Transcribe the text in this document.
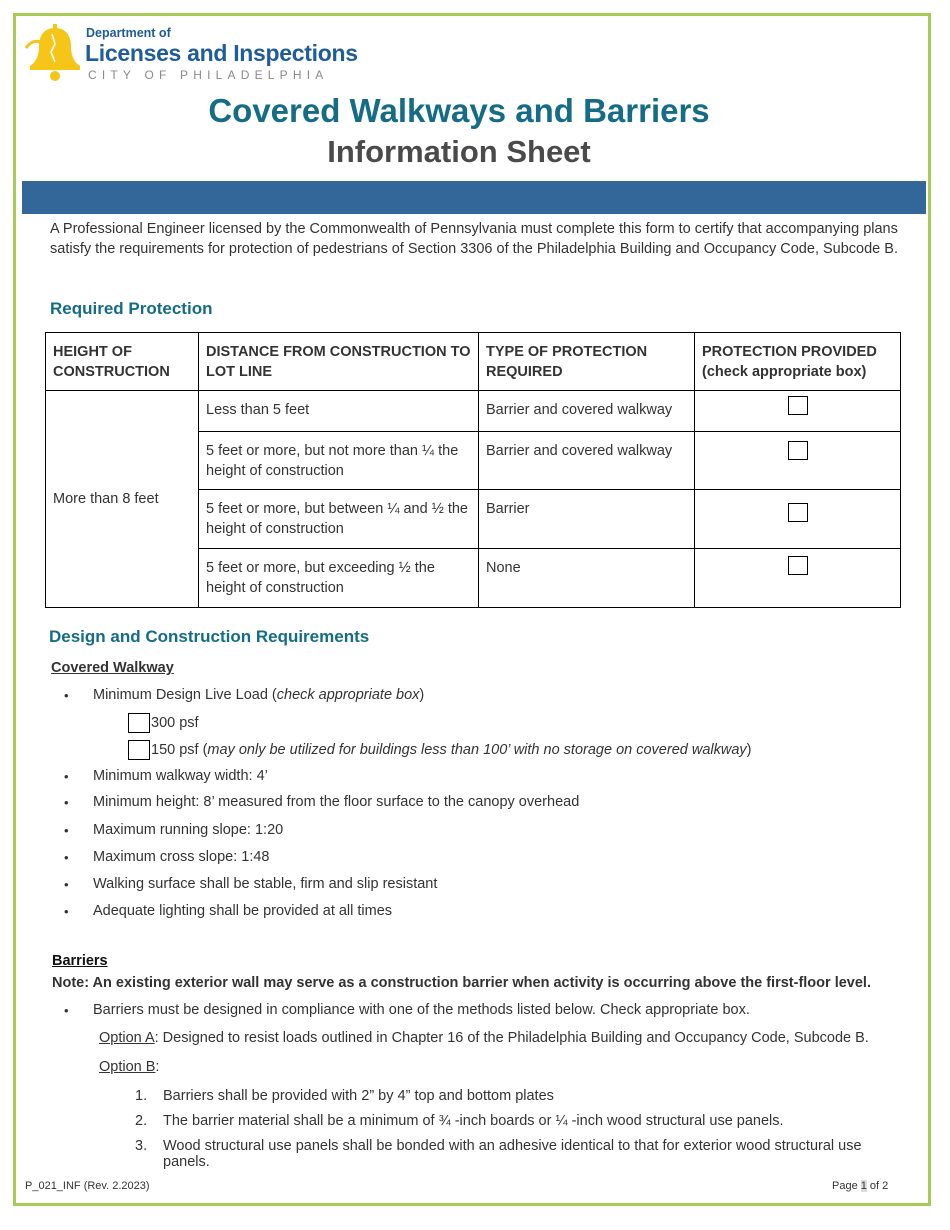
Department of
Licenses and Inspections
CITY OF PHILADELPHIA
Covered Walkways and Barriers
Information Sheet

A Professional Engineer licensed by the Commonwealth of Pennsylvania must complete this form to certify that accompanying plans satisfy the requirements for protection of pedestrians of Section 3306 of the Philadelphia Building and Occupancy Code, Subcode B.

Required Protection
HEIGHT OF CONSTRUCTION	DISTANCE FROM CONSTRUCTION TO LOT LINE	TYPE OF PROTECTION REQUIRED	PROTECTION PROVIDED (check appropriate box)
More than 8 feet	Less than 5 feet	Barrier and covered walkway	

	5 feet or more, but not more than ¼ the height of construction	Barrier and covered walkway	

	5 feet or more, but between ¼ and ½ the height of construction	Barrier	

	5 feet or more, but exceeding ½ the height of construction	None	
Design and Construction Requirements
Covered Walkway
• Minimum Design Live Load (check appropriate box)
300 psf
150 psf (may only be utilized for buildings less than 100’ with no storage on covered walkway)
• Minimum walkway width: 4’
• Minimum height: 8’ measured from the floor surface to the canopy overhead
• Maximum running slope: 1:20
• Maximum cross slope: 1:48
• Walking surface shall be stable, firm and slip resistant
• Adequate lighting shall be provided at all times
Barriers
Note: An existing exterior wall may serve as a construction barrier when activity is occurring above the first-floor level.
• Barriers must be designed in compliance with one of the methods listed below. Check appropriate box.
Option A: Designed to resist loads outlined in Chapter 16 of the Philadelphia Building and Occupancy Code, Subcode B.
Option B:
1. Barriers shall be provided with 2” by 4” top and bottom plates
2. The barrier material shall be a minimum of ¾ -inch boards or ¼ -inch wood structural use panels.
3. Wood structural use panels shall be bonded with an adhesive identical to that for exterior wood structural use panels.
P_021_INF (Rev. 2.2023)	Page 1 of 2
